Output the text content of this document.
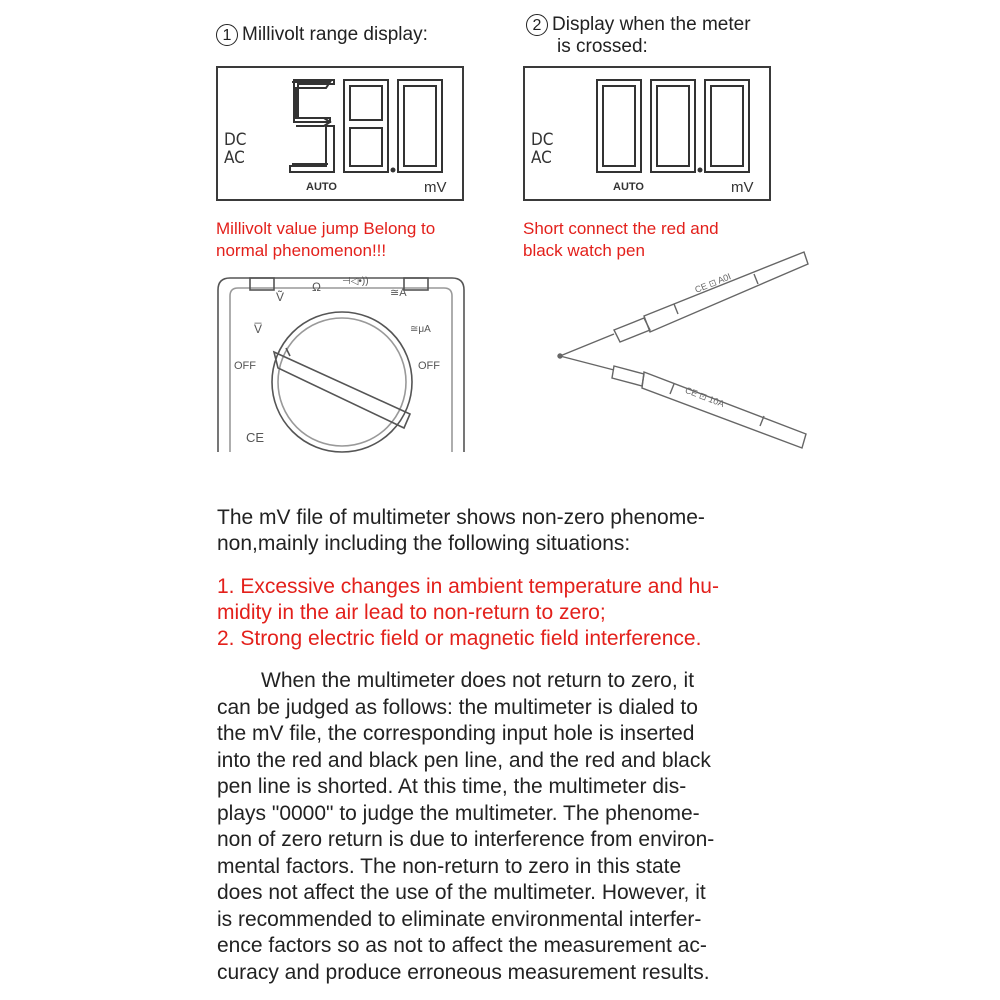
1 Millivolt range display:	2 Display when the meter
is crossed:
DC
AC
AUTO	mV
DC
AC
AUTO	mV
Millivolt value jump Belong to
normal phenomenon!!!
Short connect the red and
black watch pen
OFF	OFF
CE
Ṽ
Ω ⊣◁•))
≅A
≅μA
V̅
CE ⊡ A0I
CE ⊡ 10A
The mV file of multimeter shows non-zero phenome-
non,mainly including the following situations:
1. Excessive changes in ambient temperature and hu-
midity in the air lead to non-return to zero;
2. Strong electric field or magnetic field interference.
When the multimeter does not return to zero, it
can be judged as follows: the multimeter is dialed to
the mV file, the corresponding input hole is inserted
into the red and black pen line, and the red and black
pen line is shorted. At this time, the multimeter dis-
plays "0000" to judge the multimeter. The phenome-
non of zero return is due to interference from environ-
mental factors. The non-return to zero in this state
does not affect the use of the multimeter. However, it
is recommended to eliminate environmental interfer-
ence factors so as not to affect the measurement ac-
curacy and produce erroneous measurement results.
